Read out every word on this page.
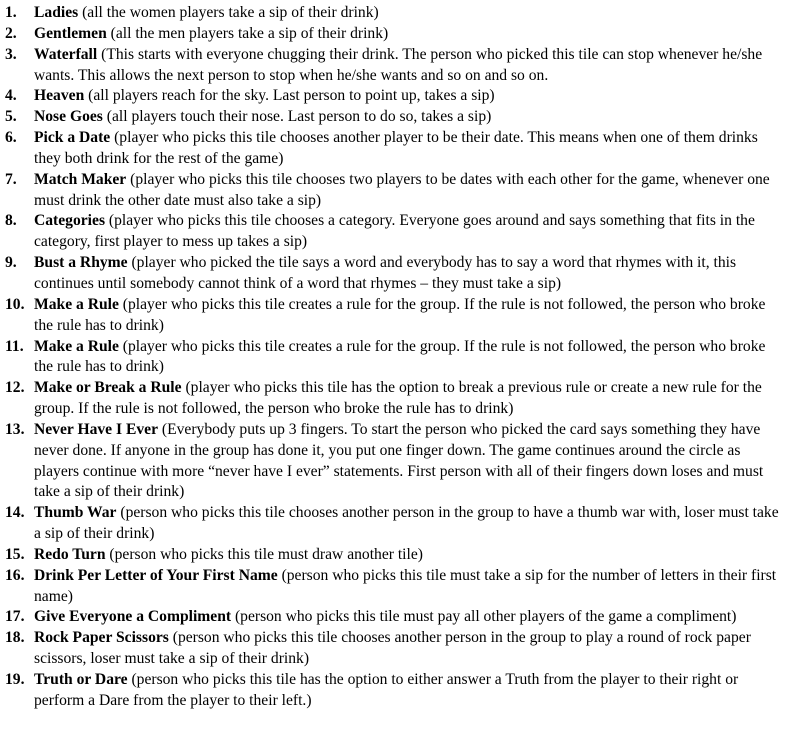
1.	Ladies (all the women players take a sip of their drink)
2.	Gentlemen (all the men players take a sip of their drink)
3.	Waterfall (This starts with everyone chugging their drink. The person who picked this tile can stop whenever he/she wants. This allows the next person to stop when he/she wants and so on and so on.
4.	Heaven (all players reach for the sky. Last person to point up, takes a sip)
5.	Nose Goes (all players touch their nose. Last person to do so, takes a sip)
6.	Pick a Date (player who picks this tile chooses another player to be their date. This means when one of them drinks they both drink for the rest of the game)
7.	Match Maker (player who picks this tile chooses two players to be dates with each other for the game, whenever one must drink the other date must also take a sip)
8.	Categories (player who picks this tile chooses a category. Everyone goes around and says something that fits in the category, first player to mess up takes a sip)
9.	Bust a Rhyme (player who picked the tile says a word and everybody has to say a word that rhymes with it, this continues until somebody cannot think of a word that rhymes – they must take a sip)
10. Make a Rule (player who picks this tile creates a rule for the group. If the rule is not followed, the person who broke the rule has to drink)
11. Make a Rule (player who picks this tile creates a rule for the group. If the rule is not followed, the person who broke the rule has to drink)
12. Make or Break a Rule (player who picks this tile has the option to break a previous rule or create a new rule for the group. If the rule is not followed, the person who broke the rule has to drink)
13. Never Have I Ever (Everybody puts up 3 fingers. To start the person who picked the card says something they have never done. If anyone in the group has done it, you put one finger down. The game continues around the circle as players continue with more “never have I ever” statements. First person with all of their fingers down loses and must take a sip of their drink)
14. Thumb War (person who picks this tile chooses another person in the group to have a thumb war with, loser must take a sip of their drink)
15. Redo Turn (person who picks this tile must draw another tile)
16. Drink Per Letter of Your First Name (person who picks this tile must take a sip for the number of letters in their first name)
17. Give Everyone a Compliment (person who picks this tile must pay all other players of the game a compliment)
18. Rock Paper Scissors (person who picks this tile chooses another person in the group to play a round of rock paper scissors, loser must take a sip of their drink)
19. Truth or Dare (person who picks this tile has the option to either answer a Truth from the player to their right or perform a Dare from the player to their left.)
